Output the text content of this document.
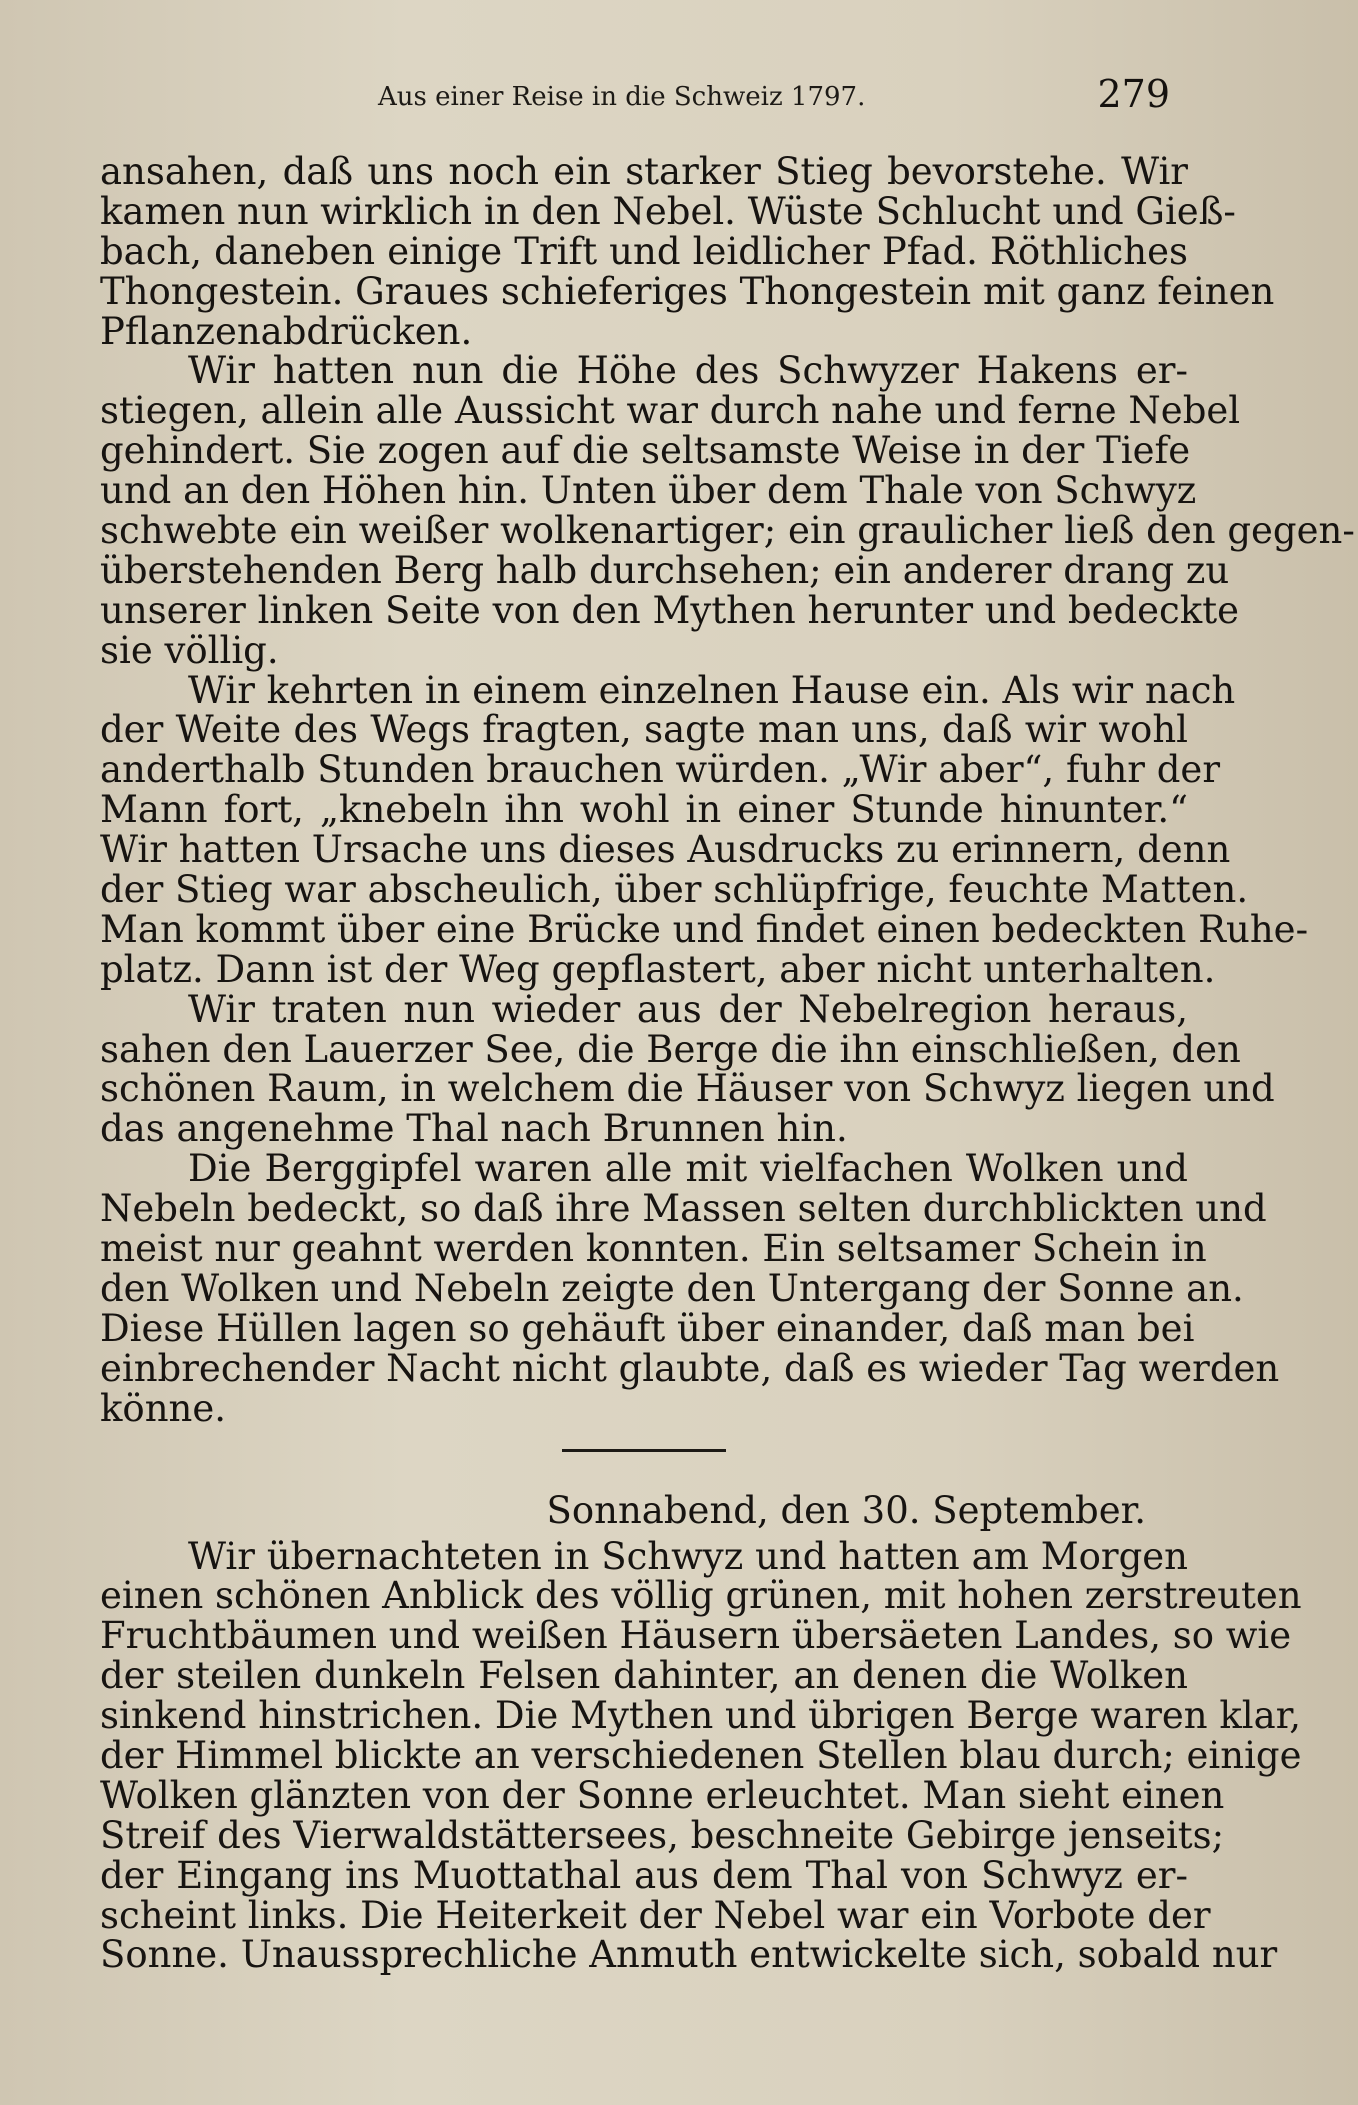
Aus einer Reise in die Schweiz 1797.	279
ansahen, daß uns noch ein starker Stieg bevorstehe. Wir
kamen nun wirklich in den Nebel. Wüste Schlucht und Gieß-
bach, daneben einige Trift und leidlicher Pfad. Röthliches
Thongestein. Graues schieferiges Thongestein mit ganz feinen
Pflanzenabdrücken.
Wir hatten nun die Höhe des Schwyzer Hakens er-
stiegen, allein alle Aussicht war durch nahe und ferne Nebel
gehindert. Sie zogen auf die seltsamste Weise in der Tiefe
und an den Höhen hin. Unten über dem Thale von Schwyz
schwebte ein weißer wolkenartiger; ein graulicher ließ den gegen-
überstehenden Berg halb durchsehen; ein anderer drang zu
unserer linken Seite von den Mythen herunter und bedeckte
sie völlig.
Wir kehrten in einem einzelnen Hause ein. Als wir nach
der Weite des Wegs fragten, sagte man uns, daß wir wohl
anderthalb Stunden brauchen würden. „Wir aber“, fuhr der
Mann fort, „knebeln ihn wohl in einer Stunde hinunter.“
Wir hatten Ursache uns dieses Ausdrucks zu erinnern, denn
der Stieg war abscheulich, über schlüpfrige, feuchte Matten.
Man kommt über eine Brücke und findet einen bedeckten Ruhe-
platz. Dann ist der Weg gepflastert, aber nicht unterhalten.
Wir traten nun wieder aus der Nebelregion heraus,
sahen den Lauerzer See, die Berge die ihn einschließen, den
schönen Raum, in welchem die Häuser von Schwyz liegen und
das angenehme Thal nach Brunnen hin.
Die Berggipfel waren alle mit vielfachen Wolken und
Nebeln bedeckt, so daß ihre Massen selten durchblickten und
meist nur geahnt werden konnten. Ein seltsamer Schein in
den Wolken und Nebeln zeigte den Untergang der Sonne an.
Diese Hüllen lagen so gehäuft über einander, daß man bei
einbrechender Nacht nicht glaubte, daß es wieder Tag werden
könne.
Sonnabend, den 30. September.
Wir übernachteten in Schwyz und hatten am Morgen
einen schönen Anblick des völlig grünen, mit hohen zerstreuten
Fruchtbäumen und weißen Häusern übersäeten Landes, so wie
der steilen dunkeln Felsen dahinter, an denen die Wolken
sinkend hinstrichen. Die Mythen und übrigen Berge waren klar,
der Himmel blickte an verschiedenen Stellen blau durch; einige
Wolken glänzten von der Sonne erleuchtet. Man sieht einen
Streif des Vierwaldstättersees, beschneite Gebirge jenseits;
der Eingang ins Muottathal aus dem Thal von Schwyz er-
scheint links. Die Heiterkeit der Nebel war ein Vorbote der
Sonne. Unaussprechliche Anmuth entwickelte sich, sobald nur
